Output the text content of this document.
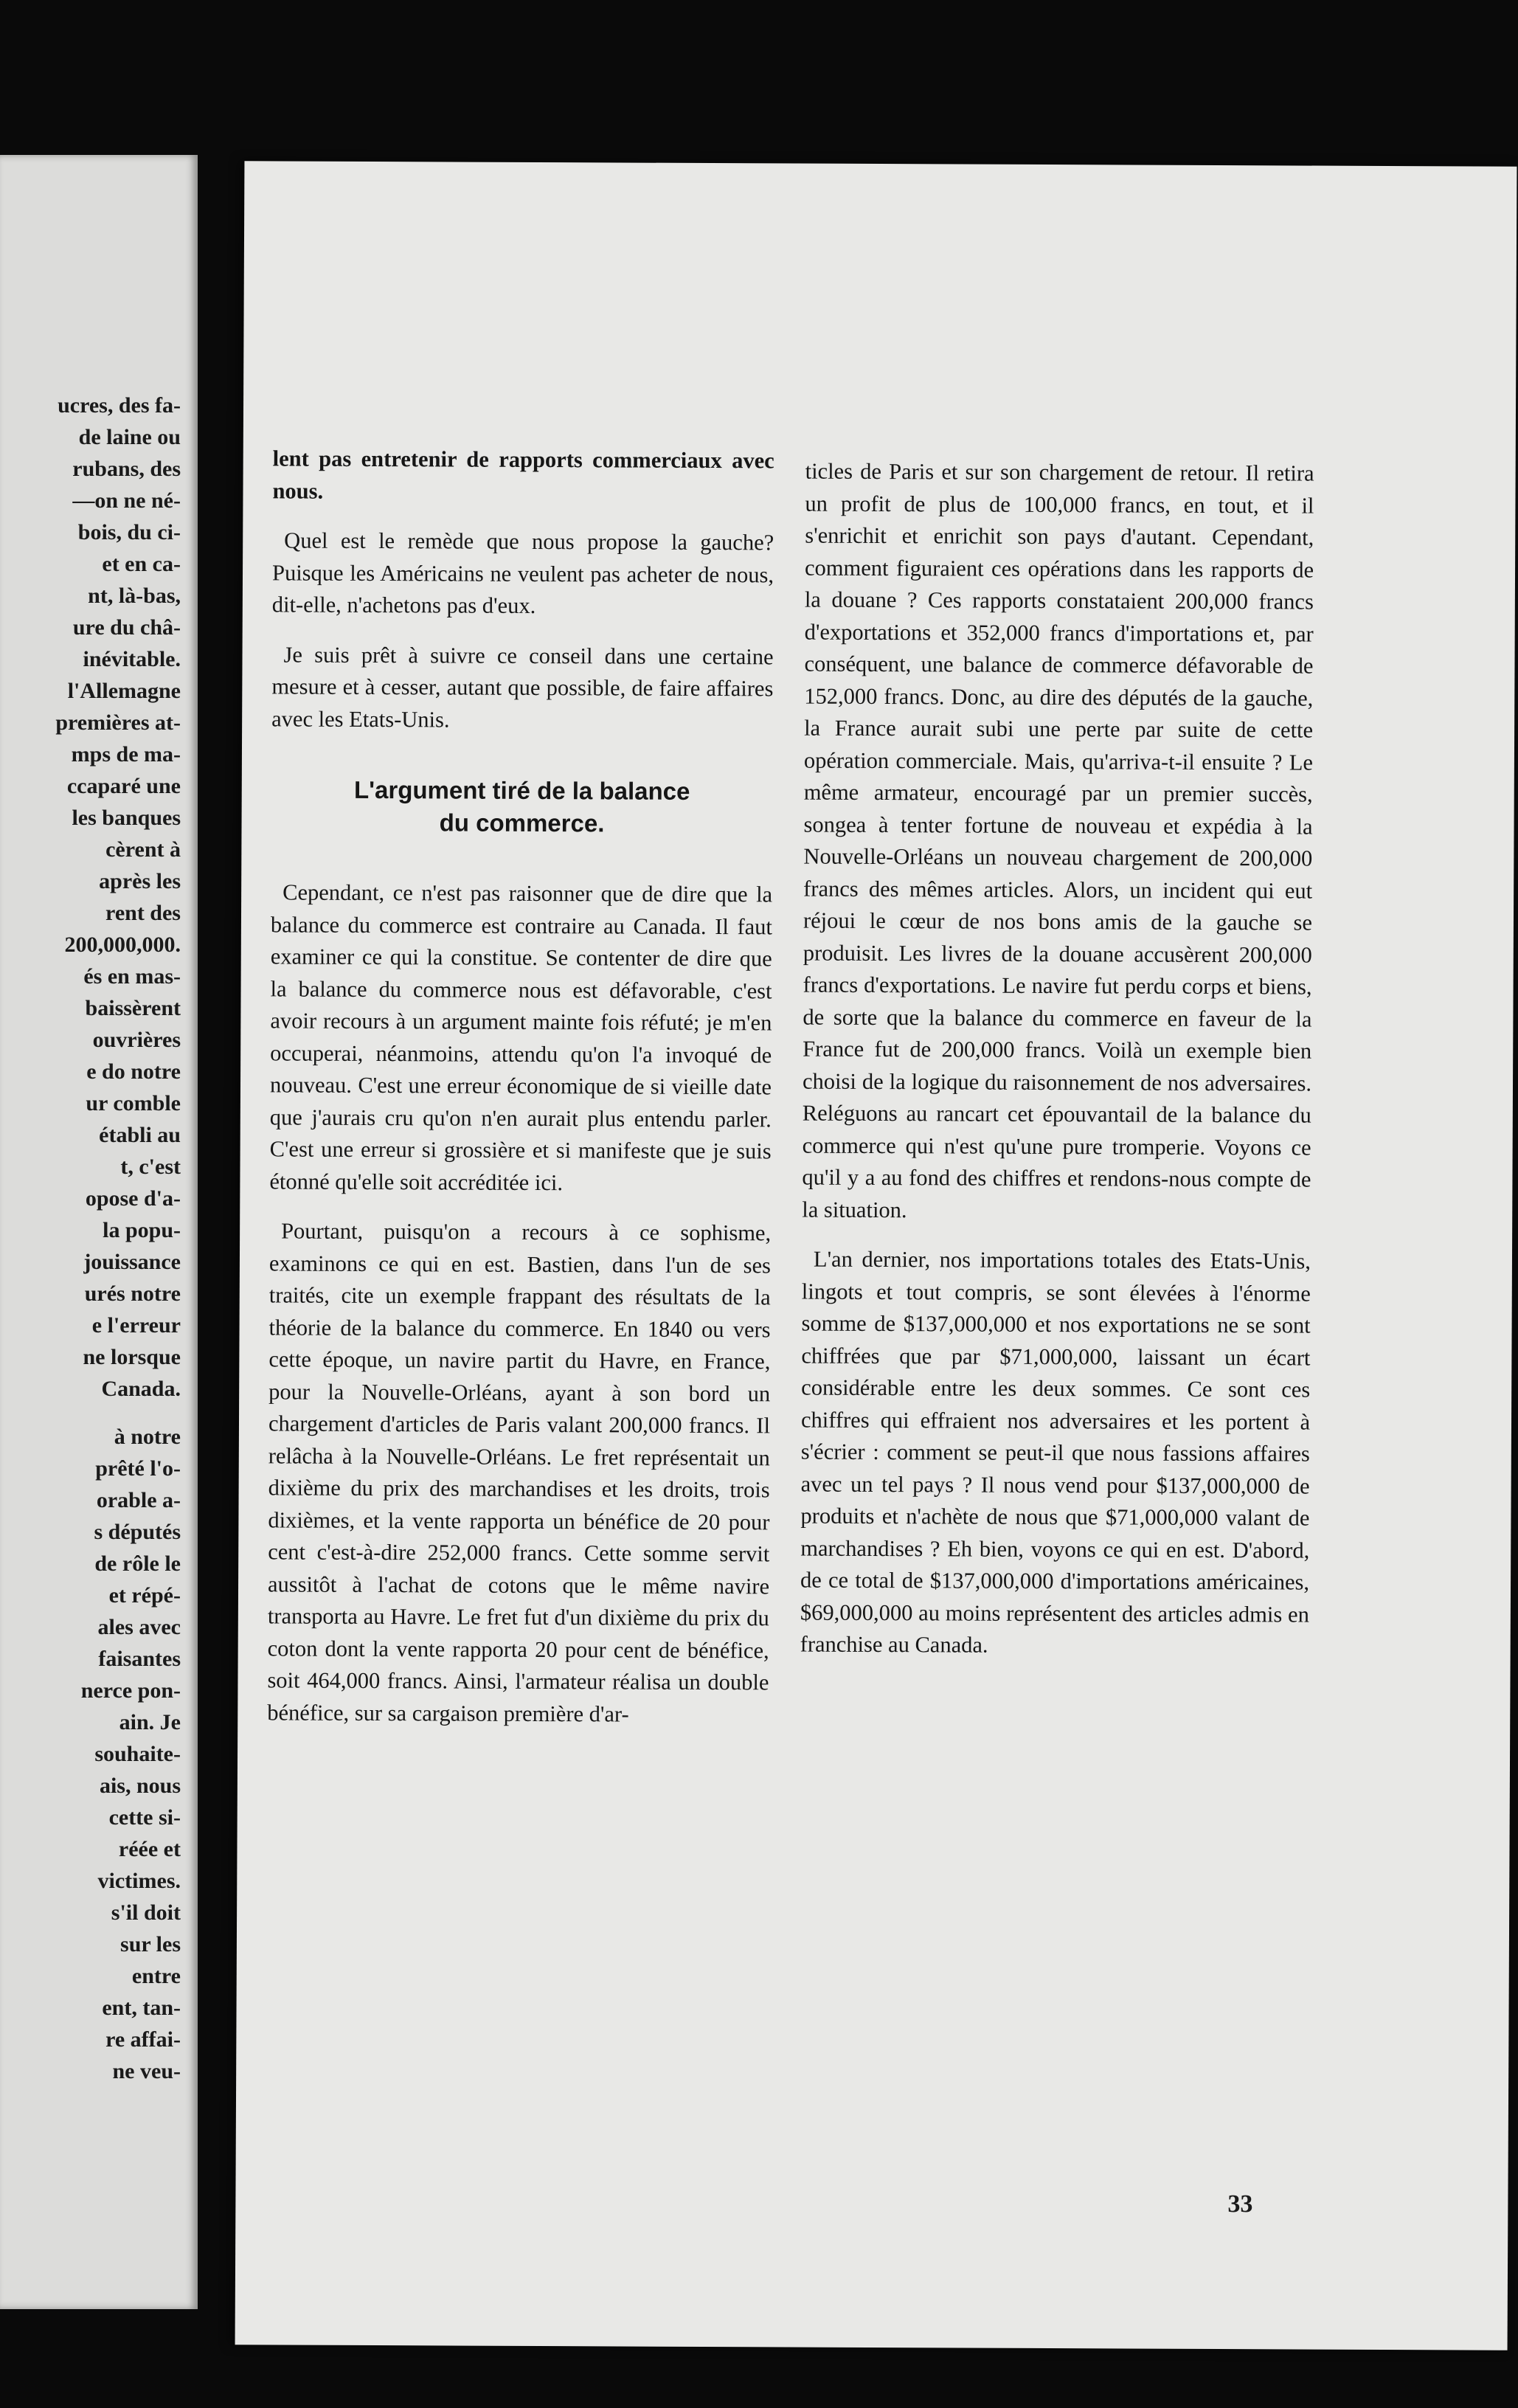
ucres, des fa-
de laine ou
rubans, des
—on ne né-
bois, du ci-
et en ca-
nt, là-bas,
ure du châ-
inévitable.
l'Allemagne
premières at-
mps de ma-
ccaparé une
les banques
cèrent à
après les
rent des
200,000,000.
és en mas-
baissèrent
ouvrières
e do notre
ur comble
établi au
t, c'est
opose d'a-
la popu-
jouissance
urés notre
e l'erreur
ne lorsque
Canada.
à notre
prêté l'o-
orable a-
s députés
de rôle le
et répé-
ales avec
faisantes
nerce pon-
ain. Je
souhaite-
ais, nous
cette si-
réée et
victimes.
s'il doit
sur les
entre
ent, tan-
re affai-
ne veu-

lent pas entretenir de rapports commerciaux avec nous.

Quel est le remède que nous propose la gauche? Puisque les Américains ne veulent pas acheter de nous, dit-elle, n'achetons pas d'eux.

Je suis prêt à suivre ce conseil dans une certaine mesure et à cesser, autant que possible, de faire affaires avec les Etats-Unis.

L'argument tiré de la balance
du commerce.

Cependant, ce n'est pas raisonner que de dire que la balance du commerce est contraire au Canada. Il faut examiner ce qui la constitue. Se contenter de dire que la balance du commerce nous est défavorable, c'est avoir recours à un argument mainte fois réfuté; je m'en occuperai, néanmoins, attendu qu'on l'a invoqué de nouveau. C'est une erreur économique de si vieille date que j'aurais cru qu'on n'en aurait plus entendu parler. C'est une erreur si grossière et si manifeste que je suis étonné qu'elle soit accréditée ici.

Pourtant, puisqu'on a recours à ce sophisme, examinons ce qui en est. Bastien, dans l'un de ses traités, cite un exemple frappant des résultats de la théorie de la balance du commerce. En 1840 ou vers cette époque, un navire partit du Havre, en France, pour la Nouvelle-Orléans, ayant à son bord un chargement d'articles de Paris valant 200,000 francs. Il relâcha à la Nouvelle-Orléans. Le fret représentait un dixième du prix des marchandises et les droits, trois dixièmes, et la vente rapporta un bénéfice de 20 pour cent c'est-à-dire 252,000 francs. Cette somme servit aussitôt à l'achat de cotons que le même navire transporta au Havre. Le fret fut d'un dixième du prix du coton dont la vente rapporta 20 pour cent de bénéfice, soit 464,000 francs. Ainsi, l'armateur réalisa un double bénéfice, sur sa cargaison première d'ar-

ticles de Paris et sur son chargement de retour. Il retira un profit de plus de 100,000 francs, en tout, et il s'enrichit et enrichit son pays d'autant. Cependant, comment figuraient ces opérations dans les rapports de la douane ? Ces rapports constataient 200,000 francs d'exportations et 352,000 francs d'importations et, par conséquent, une balance de commerce défavorable de 152,000 francs. Donc, au dire des députés de la gauche, la France aurait subi une perte par suite de cette opération commerciale. Mais, qu'arriva-t-il ensuite ? Le même armateur, encouragé par un premier succès, songea à tenter fortune de nouveau et expédia à la Nouvelle-Orléans un nouveau chargement de 200,000 francs des mêmes articles. Alors, un incident qui eut réjoui le cœur de nos bons amis de la gauche se produisit. Les livres de la douane accusèrent 200,000 francs d'exportations. Le navire fut perdu corps et biens, de sorte que la balance du commerce en faveur de la France fut de 200,000 francs. Voilà un exemple bien choisi de la logique du raisonnement de nos adversaires. Reléguons au rancart cet épouvantail de la balance du commerce qui n'est qu'une pure tromperie. Voyons ce qu'il y a au fond des chiffres et rendons-nous compte de la situation.

L'an dernier, nos importations totales des Etats-Unis, lingots et tout compris, se sont élevées à l'énorme somme de $137,000,000 et nos exportations ne se sont chiffrées que par $71,000,000, laissant un écart considérable entre les deux sommes. Ce sont ces chiffres qui effraient nos adversaires et les portent à s'écrier : comment se peut-il que nous fassions affaires avec un tel pays ? Il nous vend pour $137,000,000 de produits et n'achète de nous que $71,000,000 valant de marchandises ? Eh bien, voyons ce qui en est. D'abord, de ce total de $137,000,000 d'importations américaines, $69,000,000 au moins représentent des articles admis en franchise au Canada.

33
